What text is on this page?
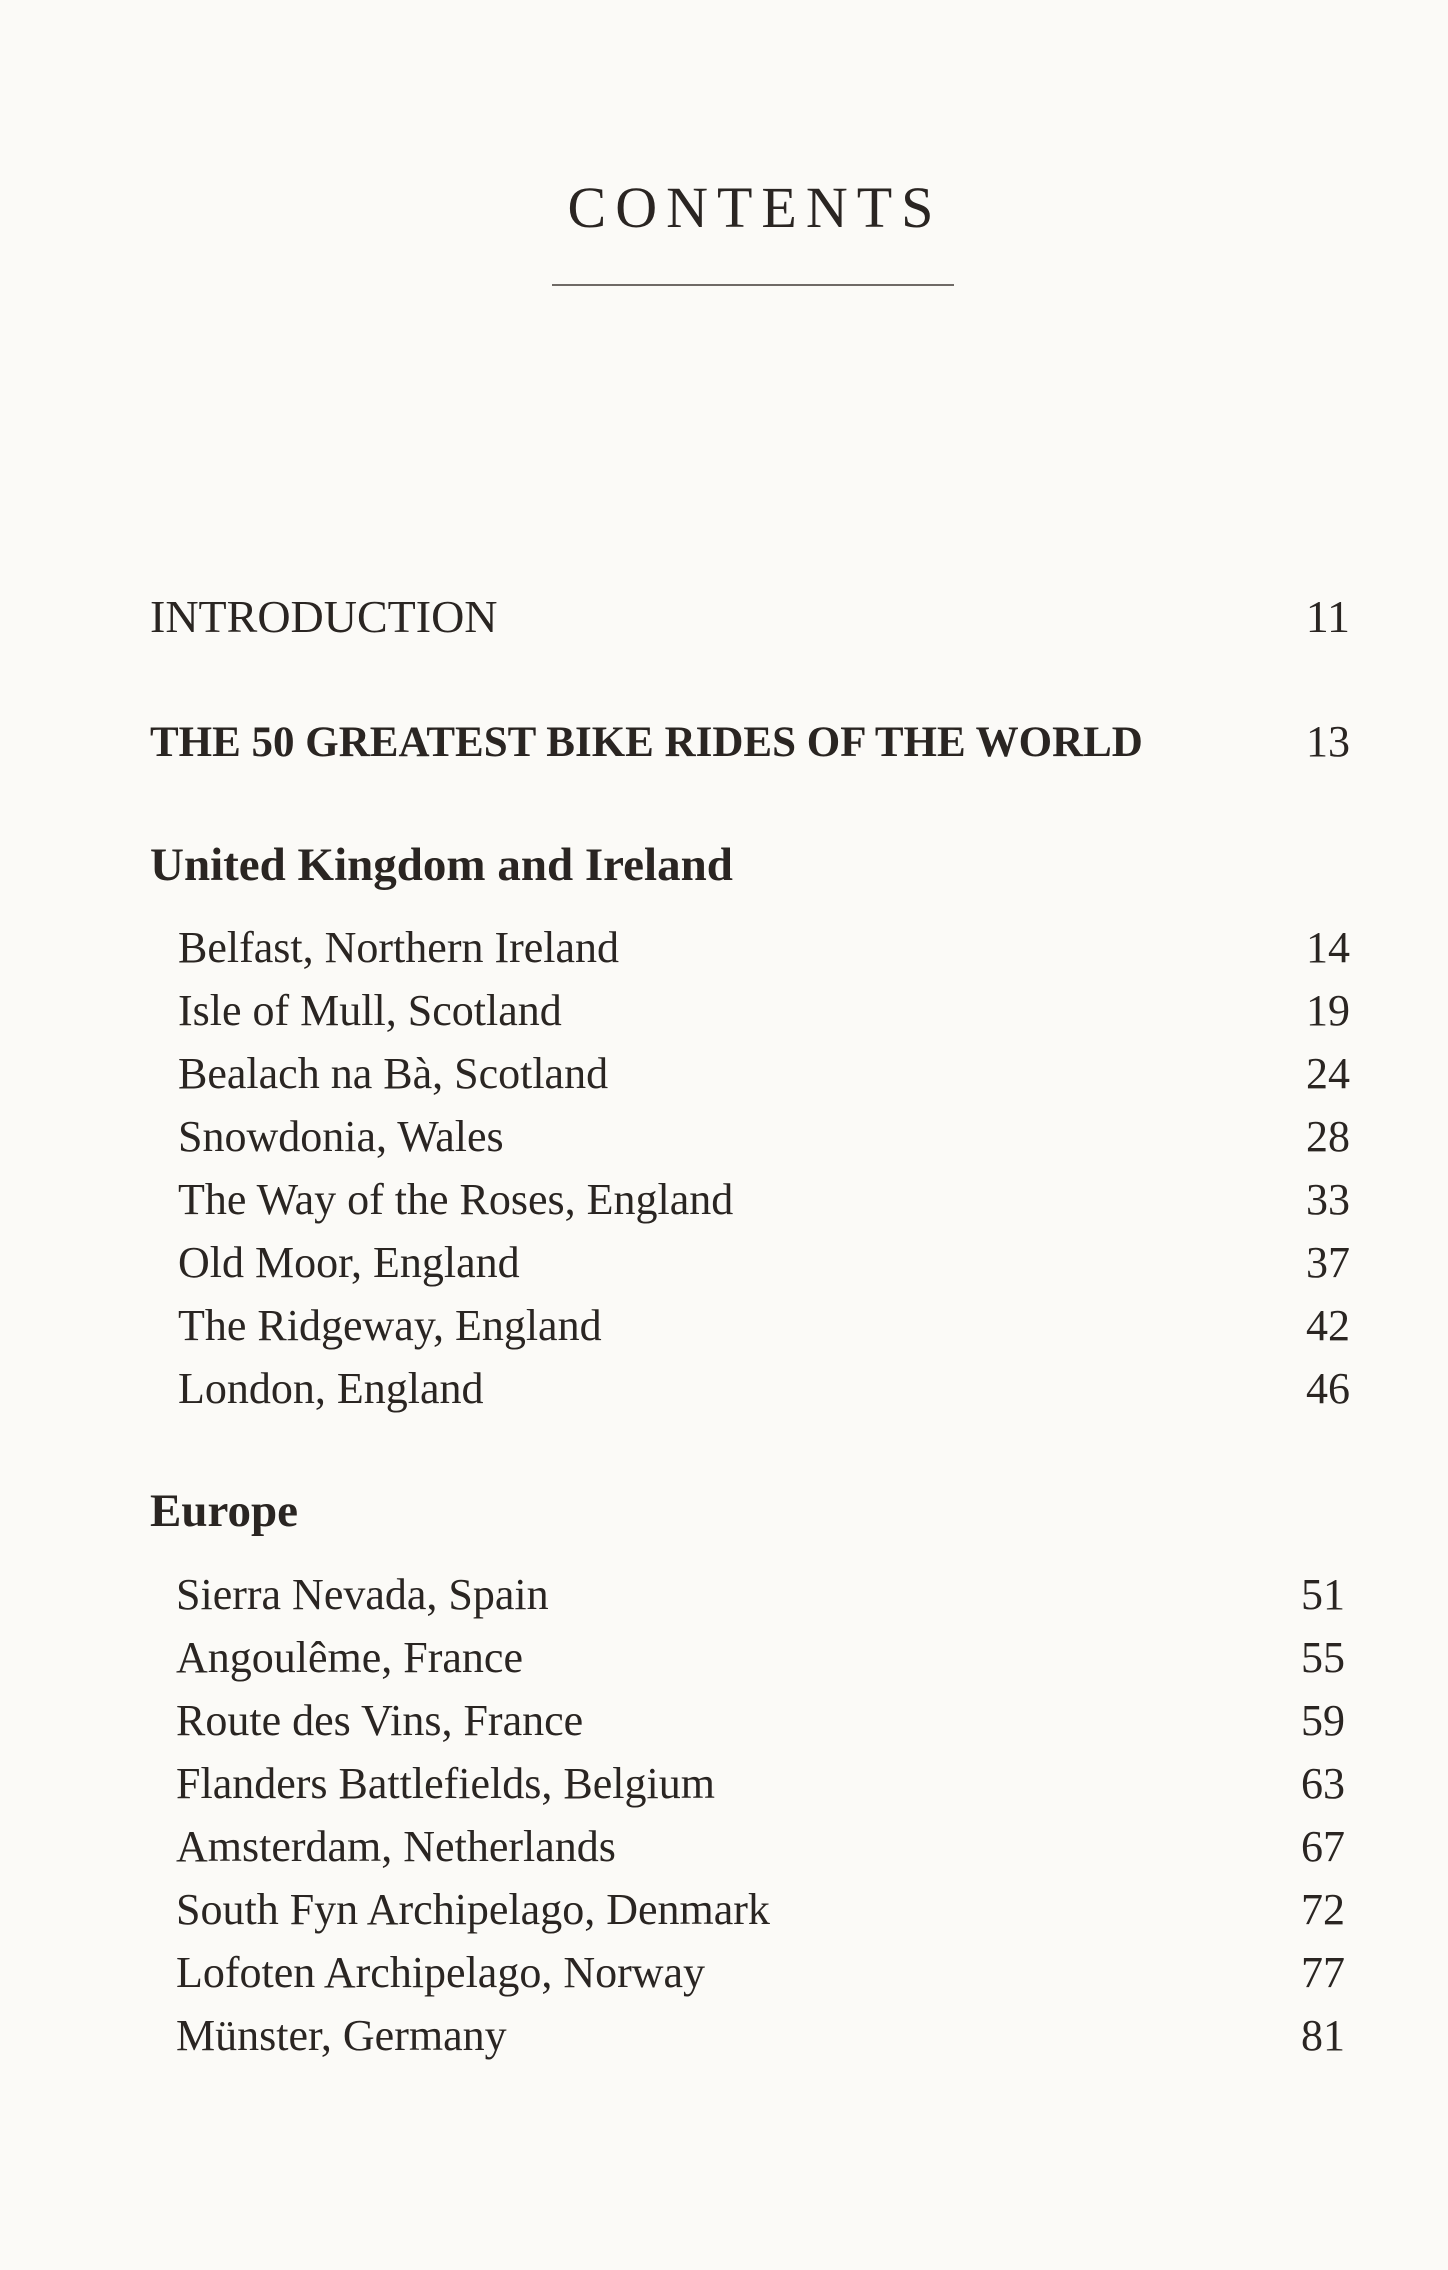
CONTENTS
INTRODUCTION	11
THE 50 GREATEST BIKE RIDES OF THE WORLD	13
United Kingdom and Ireland
Belfast, Northern Ireland	14
Isle of Mull, Scotland	19
Bealach na Bà, Scotland	24
Snowdonia, Wales	28
The Way of the Roses, England	33
Old Moor, England	37
The Ridgeway, England	42
London, England	46
Europe
Sierra Nevada, Spain	51
Angoulême, France	55
Route des Vins, France	59
Flanders Battlefields, Belgium	63
Amsterdam, Netherlands	67
South Fyn Archipelago, Denmark	72
Lofoten Archipelago, Norway	77
Münster, Germany	81
